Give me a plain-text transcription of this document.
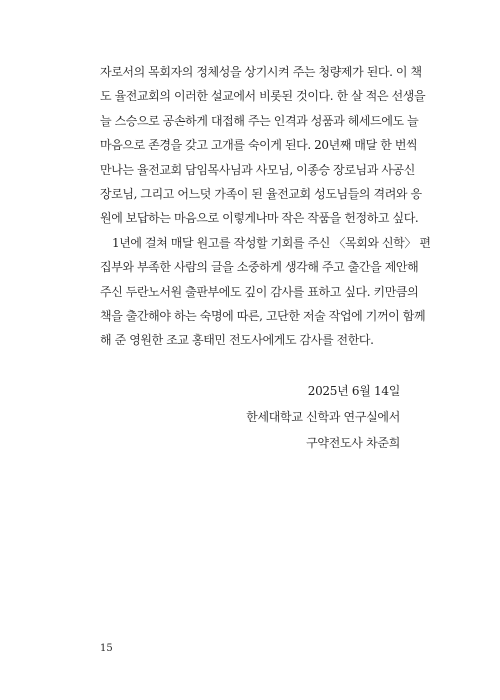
자로서의 목회자의 정체성을 상기시켜 주는 청량제가 된다. 이 책
도 율전교회의 이러한 설교에서 비롯된 것이다. 한 살 적은 선생을
늘 스승으로 공손하게 대접해 주는 인격과 성품과 헤세드에도 늘
마음으로 존경을 갖고 고개를 숙이게 된다. 20년째 매달 한 번씩
만나는 율전교회 담임목사님과 사모님, 이종승 장로님과 사공신
장로님, 그리고 어느덧 가족이 된 율전교회 성도님들의 격려와 응
원에 보답하는 마음으로 이렇게나마 작은 작품을 헌정하고 싶다.
1년에 걸쳐 매달 원고를 작성할 기회를 주신 〈목회와 신학〉 편
집부와 부족한 사람의 글을 소중하게 생각해 주고 출간을 제안해
주신 두란노서원 출판부에도 깊이 감사를 표하고 싶다. 키만큼의
책을 출간해야 하는 숙명에 따른, 고단한 저술 작업에 기꺼이 함께
해 준 영원한 조교 홍태민 전도사에게도 감사를 전한다.
2025년 6월 14일
한세대학교 신학과 연구실에서
구약전도사 차준희
15
